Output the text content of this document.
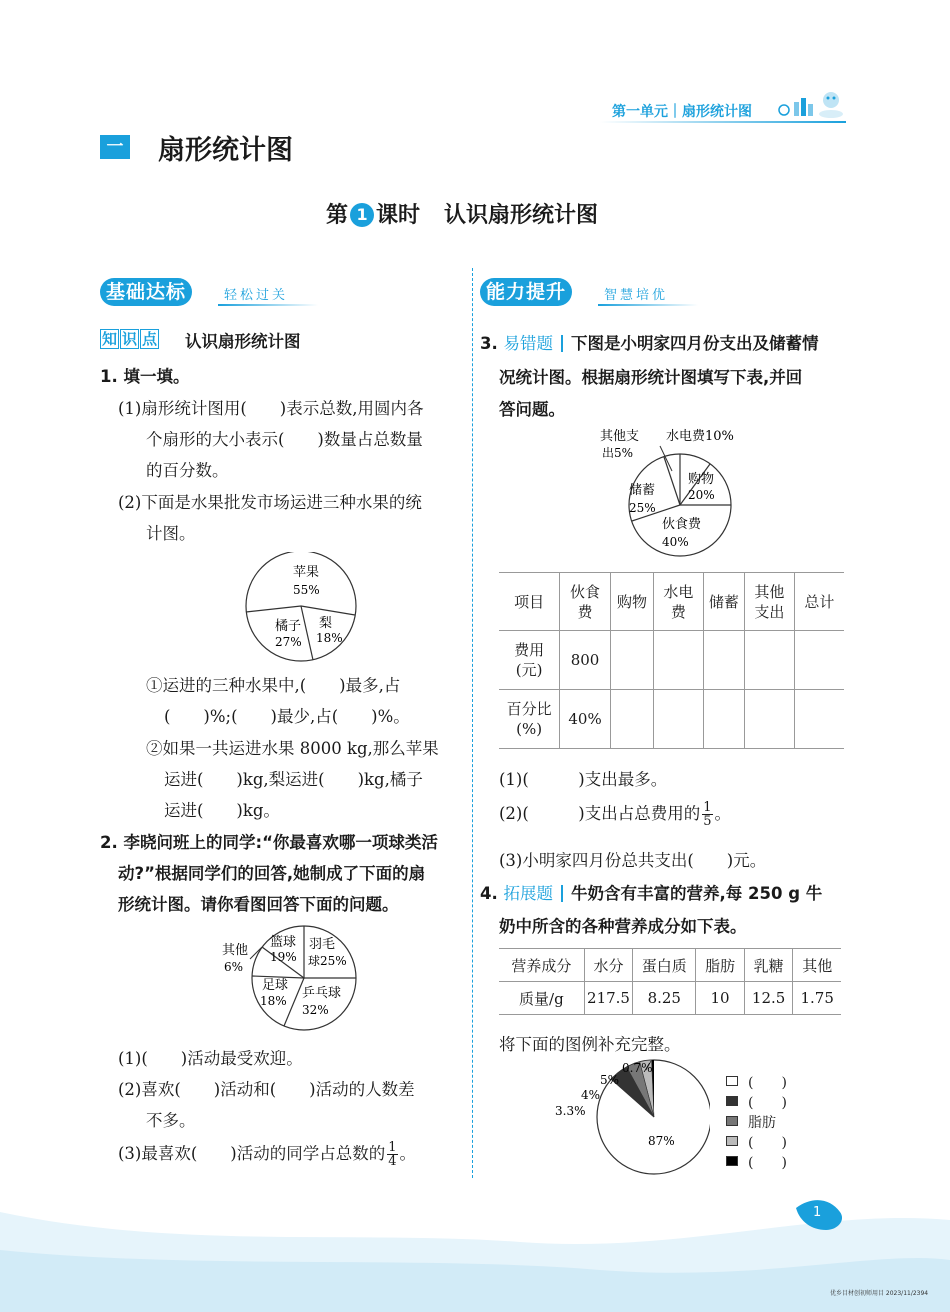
第一单元｜扇形统计图
一 扇形统计图
第 1 课时 认识扇形统计图
基础达标	轻松过关	能力提升	智慧培优
知 识 点 认识扇形统计图
1. 填一填。
(1)扇形统计图用(　　)表示总数,用圆内各
个扇形的大小表示(　　)数量占总数量
的百分数。
(2)下面是水果批发市场运进三种水果的统
计图。
苹果
55%
梨
18%
橘子
27%
①运进的三种水果中,(　　)最多,占
(　　)%;(　　)最少,占(　　)%。
②如果一共运进水果 8000 kg,那么苹果
运进(　　)kg,梨运进(　　)kg,橘子
运进(　　)kg。
2. 李晓问班上的同学:“你最喜欢哪一项球类活
动?”根据同学们的回答,她制成了下面的扇
形统计图。请你看图回答下面的问题。
篮球
19%
羽毛
球25%
乒乓球
32%
足球
18%
其他
6%
(1)(　　)活动最受欢迎。
(2)喜欢(　　)活动和(　　)活动的人数差
不多。
(3)最喜欢(　　)活动的同学占总数的 $\frac{1}{4}$ 。
3. 易错题 下图是小明家四月份支出及储蓄情
况统计图。根据扇形统计图填写下表,并回
答问题。
其他支
出5%
水电费10%
购物
20%
储蓄
25%
伙食费
40%
项目	伙食费	购物	水电费	储蓄	其他支出	总计
费用(元)	800					
百分比(%)	40%					
(1)(　　　)支出最多。
(2)(　　　)支出占总费用的 $\frac{1}{5}$ 。
(3)小明家四月份总共支出(　　)元。
4. 拓展题 牛奶含有丰富的营养,每 250 g 牛
奶中所含的各种营养成分如下表。
营养成分	水分	蛋白质	脂肪	乳糖	其他
质量/g	217.5	8.25	10	12.5	1.75
将下面的图例补充完整。
0.7%
5%
4%
3.3%
87%
(　　)
(　　)
脂肪
(　　)
(　　)
1
优乡目材创初师用目 2023/11/2394
